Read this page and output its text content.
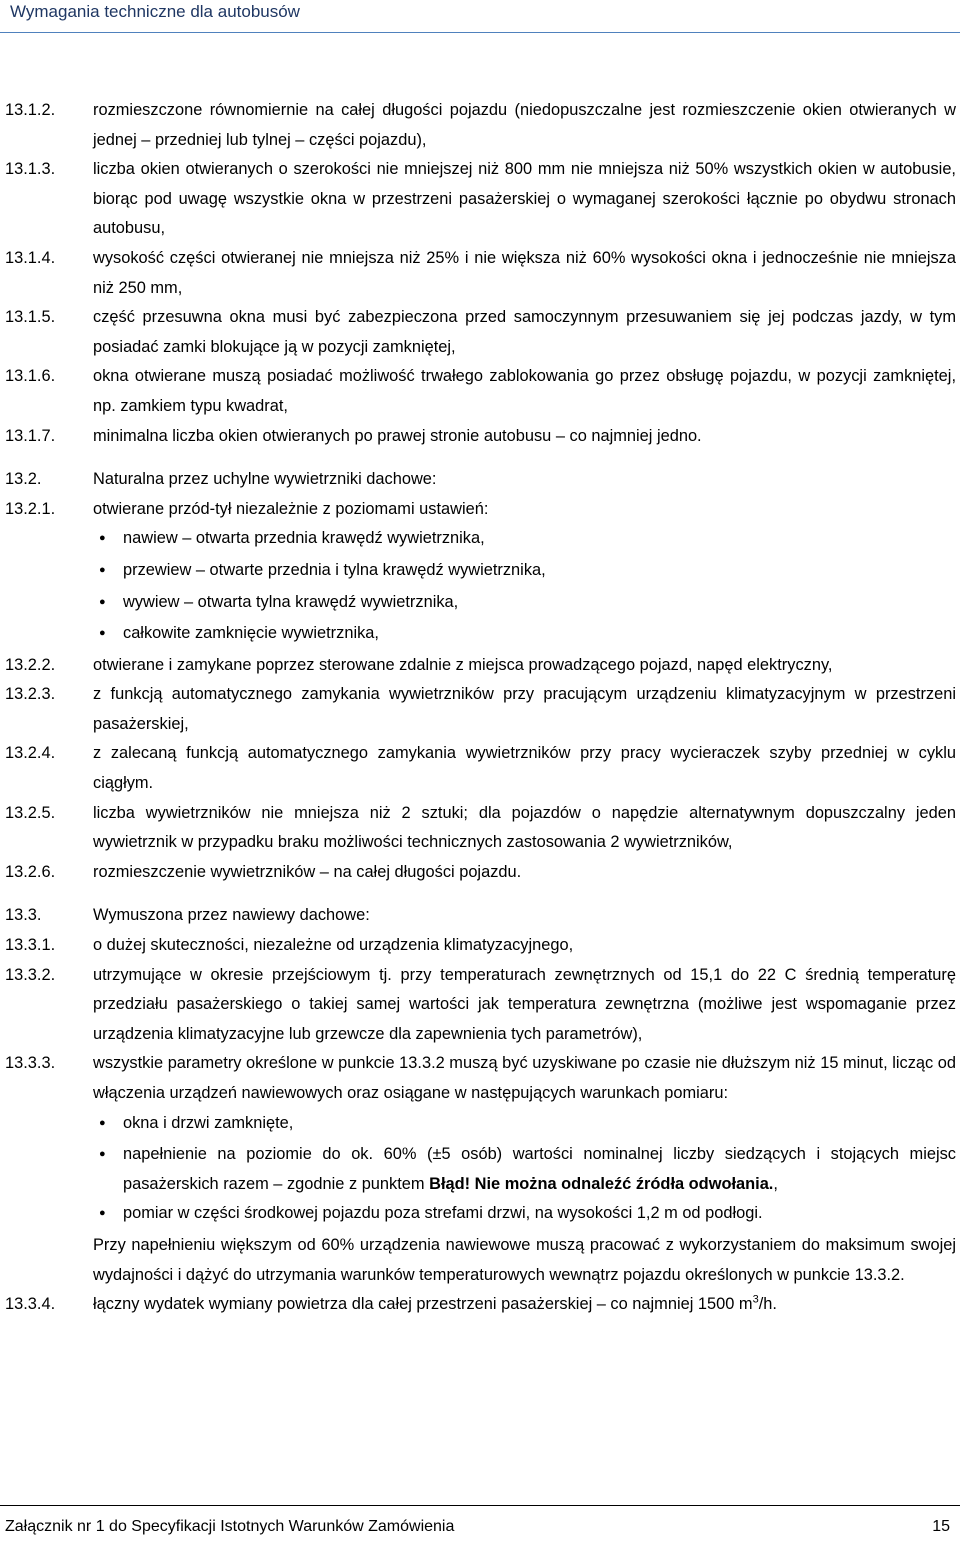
Wymagania techniczne dla autobusów
13.1.2.	rozmieszczone równomiernie na całej długości pojazdu (niedopuszczalne jest rozmieszczenie okien otwieranych w jednej – przedniej lub tylnej – części pojazdu),
13.1.3.	liczba okien otwieranych o szerokości nie mniejszej niż 800 mm nie mniejsza niż 50% wszystkich okien w autobusie, biorąc pod uwagę wszystkie okna w przestrzeni pasażerskiej o wymaganej szerokości łącznie po obydwu stronach autobusu,
13.1.4.	wysokość części otwieranej nie mniejsza niż 25% i nie większa niż 60% wysokości okna i jednocześnie nie mniejsza niż 250 mm,
13.1.5.	część przesuwna okna musi być zabezpieczona przed samoczynnym przesuwaniem się jej podczas jazdy, w tym posiadać zamki blokujące ją w pozycji zamkniętej,
13.1.6.	okna otwierane muszą posiadać możliwość trwałego zablokowania go przez obsługę pojazdu, w pozycji zamkniętej, np. zamkiem typu kwadrat,
13.1.7.	minimalna liczba okien otwieranych po prawej stronie autobusu – co najmniej jedno.
13.2.	Naturalna przez uchylne wywietrzniki dachowe:
13.2.1.	otwierane przód-tył niezależnie z poziomami ustawień:
●
nawiew – otwarta przednia krawędź wywietrznika,
●
przewiew – otwarte przednia i tylna krawędź wywietrznika,
●
wywiew – otwarta tylna krawędź wywietrznika,
●
całkowite zamknięcie wywietrznika,
13.2.2.	otwierane i zamykane poprzez sterowane zdalnie z miejsca prowadzącego pojazd, napęd elektryczny,
13.2.3.	z funkcją automatycznego zamykania wywietrzników przy pracującym urządzeniu klimatyzacyjnym w przestrzeni pasażerskiej,
13.2.4.	z zalecaną funkcją automatycznego zamykania wywietrzników przy pracy wycieraczek szyby przedniej w cyklu ciągłym.
13.2.5.	liczba wywietrzników nie mniejsza niż 2 sztuki; dla pojazdów o napędzie alternatywnym dopuszczalny jeden wywietrznik w przypadku braku możliwości technicznych zastosowania 2 wywietrzników,
13.2.6.	rozmieszczenie wywietrzników – na całej długości pojazdu.
13.3.	Wymuszona przez nawiewy dachowe:
13.3.1.	o dużej skuteczności, niezależne od urządzenia klimatyzacyjnego,
13.3.2.	utrzymujące w okresie przejściowym tj. przy temperaturach zewnętrznych od 15,1 do 22 C średnią temperaturę przedziału pasażerskiego o takiej samej wartości jak temperatura zewnętrzna (możliwe jest wspomaganie przez urządzenia klimatyzacyjne lub grzewcze dla zapewnienia tych parametrów),
13.3.3.	wszystkie parametry określone w punkcie 13.3.2 muszą być uzyskiwane po czasie nie dłuższym niż 15 minut, licząc od włączenia urządzeń nawiewowych oraz osiągane w następujących warunkach pomiaru:
●
okna i drzwi zamknięte,
●
napełnienie na poziomie do ok. 60% (±5 osób) wartości nominalnej liczby siedzących i stojących miejsc pasażerskich razem – zgodnie z punktem Błąd! Nie można odnaleźć źródła odwołania.,
●
pomiar w części środkowej pojazdu poza strefami drzwi, na wysokości 1,2 m od podłogi.
Przy napełnieniu większym od 60% urządzenia nawiewowe muszą pracować z wykorzystaniem do maksimum swojej wydajności i dążyć do utrzymania warunków temperaturowych wewnątrz pojazdu określonych w punkcie 13.3.2.
13.3.4.	łączny wydatek wymiany powietrza dla całej przestrzeni pasażerskiej – co najmniej 1500 $m^3/h$.
Załącznik nr 1 do Specyfikacji Istotnych Warunków Zamówienia	15
